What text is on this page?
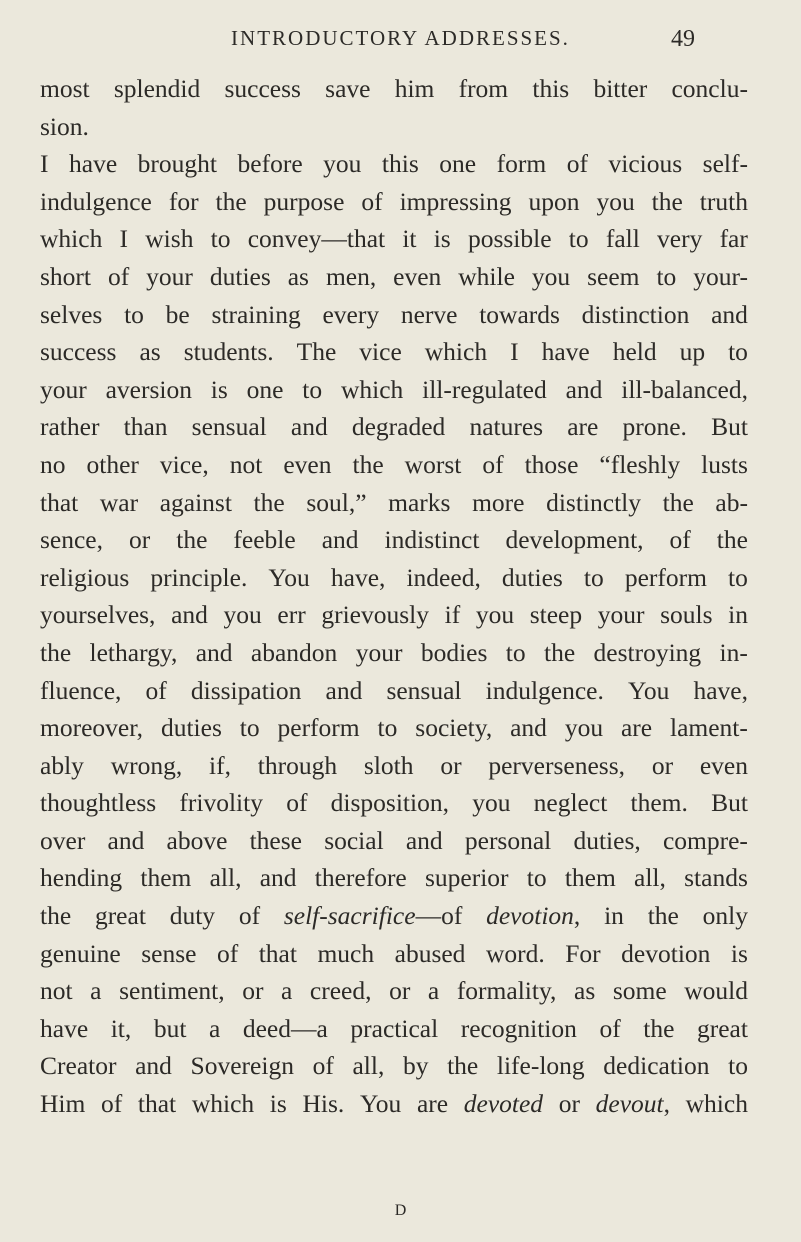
INTRODUCTORY ADDRESSES.	49
most splendid success save him from this bitter conclu-
sion.
I have brought before you this one form of vicious self-
indulgence for the purpose of impressing upon you the truth
which I wish to convey—that it is possible to fall very far
short of your duties as men, even while you seem to your-
selves to be straining every nerve towards distinction and
success as students. The vice which I have held up to
your aversion is one to which ill-regulated and ill-balanced,
rather than sensual and degraded natures are prone. But
no other vice, not even the worst of those “fleshly lusts
that war against the soul,” marks more distinctly the ab-
sence, or the feeble and indistinct development, of the
religious principle. You have, indeed, duties to perform to
yourselves, and you err grievously if you steep your souls in
the lethargy, and abandon your bodies to the destroying in-
fluence, of dissipation and sensual indulgence. You have,
moreover, duties to perform to society, and you are lament-
ably wrong, if, through sloth or perverseness, or even
thoughtless frivolity of disposition, you neglect them. But
over and above these social and personal duties, compre-
hending them all, and therefore superior to them all, stands
the great duty of self-sacrifice—of devotion, in the only
genuine sense of that much abused word. For devotion is
not a sentiment, or a creed, or a formality, as some would
have it, but a deed—a practical recognition of the great
Creator and Sovereign of all, by the life-long dedication to
Him of that which is His. You are devoted or devout, which
D
